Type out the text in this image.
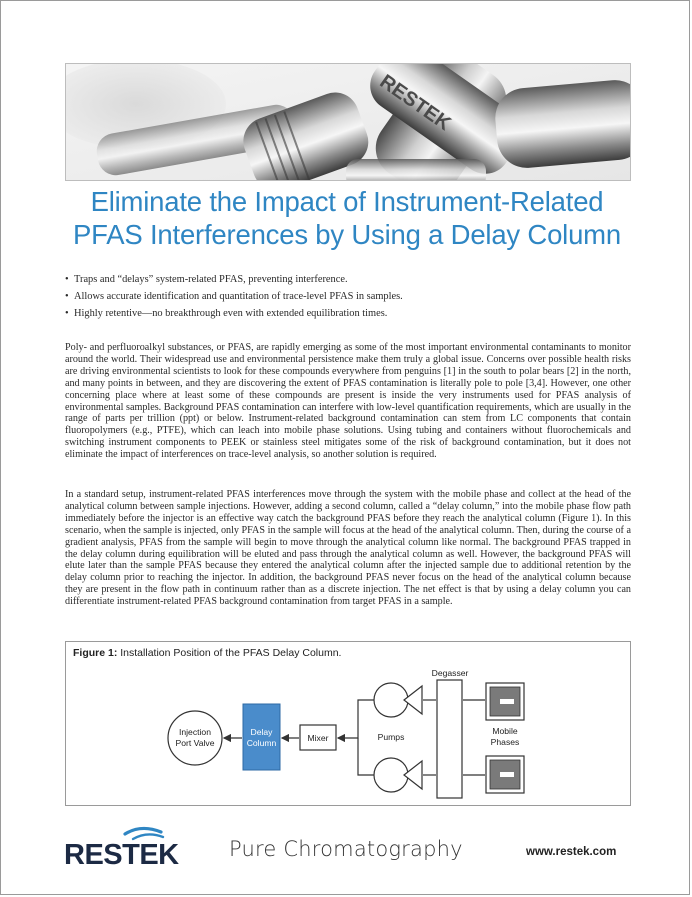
RESTEK
Eliminate the Impact of Instrument-Related
PFAS Interferences by Using a Delay Column
• Traps and “delays” system-related PFAS, preventing interference.
• Allows accurate identification and quantitation of trace-level PFAS in samples.
• Highly retentive—no breakthrough even with extended equilibration times.

Poly- and perfluoroalkyl substances, or PFAS, are rapidly emerging as some of the most important environmental contaminants to monitor around the world. Their widespread use and environmental persistence make them truly a global issue. Concerns over possible health risks are driving environmental scientists to look for these compounds everywhere from penguins [1] in the south to polar bears [2] in the north, and many points in between, and they are discovering the extent of PFAS contamination is literally pole to pole [3,4]. However, one other concerning place where at least some of these compounds are present is inside the very instruments used for PFAS analysis of environmental samples. Background PFAS contamination can interfere with low-level quantification requirements, which are usually in the range of parts per trillion (ppt) or below. Instrument-related background contamination can stem from LC components that contain fluoropolymers (e.g., PTFE), which can leach into mobile phase solutions. Using tubing and containers without fluorochemicals and switching instrument components to PEEK or stainless steel mitigates some of the risk of background contamination, but it does not eliminate the impact of interferences on trace-level analysis, so another solution is required.

In a standard setup, instrument-related PFAS interferences move through the system with the mobile phase and collect at the head of the analytical column between sample injections. However, adding a second column, called a “delay column,” into the mobile phase flow path immediately before the injector is an effective way catch the background PFAS before they reach the analytical column (Figure 1). In this scenario, when the sample is injected, only PFAS in the sample will focus at the head of the analytical column. Then, during the course of a gradient analysis, PFAS from the sample will begin to move through the analytical column like normal. The background PFAS trapped in the delay column during equilibration will be eluted and pass through the analytical column as well. However, the background PFAS will elute later than the sample PFAS because they entered the analytical column after the injected sample due to additional retention by the delay column prior to reaching the injector. In addition, the background PFAS never focus on the head of the analytical column because they are present in the flow path in continuum rather than as a discrete injection. The net effect is that by using a delay column you can differentiate instrument-related PFAS background contamination from target PFAS in a sample.

Figure 1: Installation Position of the PFAS Delay Column.
Injection
Port Valve
Delay
Column	Mixer	Pumps
Degasser
Mobile
Phases
RESTEK Pure Chromatography	www.restek.com
